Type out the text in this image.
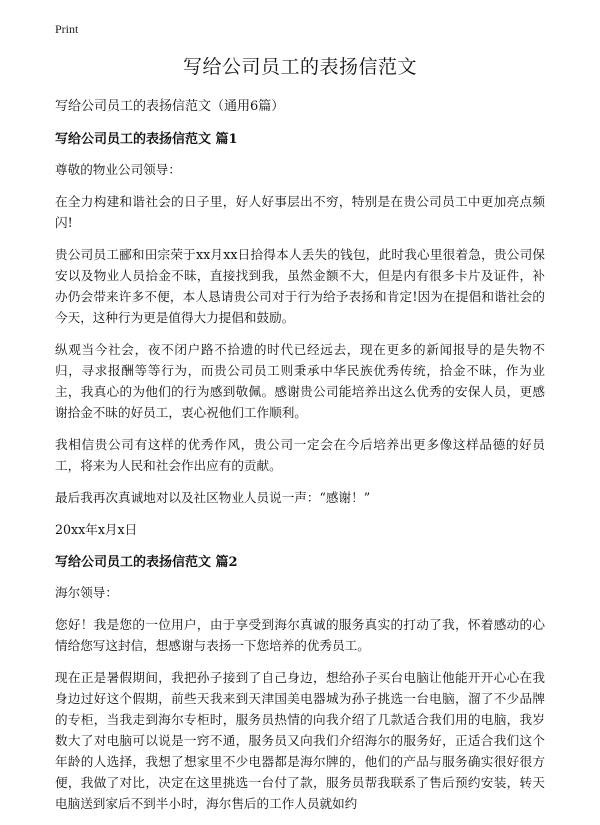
Print
写给公司员工的表扬信范文
写给公司员工的表扬信范文（通用6篇）
写给公司员工的表扬信范文 篇1

尊敬的物业公司领导：

在全力构建和谐社会的日子里，好人好事层出不穷，特别是在贵公司员工中更加亮点频闪!

贵公司员工郦和田宗荣于xx月xx日拾得本人丢失的钱包，此时我心里很着急，贵公司保安以及物业人员拾金不昧，直接找到我，虽然金额不大，但是内有很多卡片及证件，补办仍会带来许多不便，本人恳请贵公司对于行为给予表扬和肯定!因为在提倡和谐社会的今天，这种行为更是值得大力提倡和鼓励。

纵观当今社会，夜不闭户路不拾遗的时代已经远去，现在更多的新闻报导的是失物不归，寻求报酬等等行为，而贵公司员工则秉承中华民族优秀传统，拾金不昧，作为业主，我真心的为他们的行为感到敬佩。感谢贵公司能培养出这么优秀的安保人员，更感谢拾金不昧的好员工，衷心祝他们工作顺利。

我相信贵公司有这样的优秀作风，贵公司一定会在今后培养出更多像这样品德的好员工，将来为人民和社会作出应有的贡献。

最后我再次真诚地对以及社区物业人员说一声：“感谢！”

20xx年x月x日

写给公司员工的表扬信范文 篇2

海尔领导：

您好！我是您的一位用户，由于享受到海尔真诚的服务真实的打动了我，怀着感动的心情给您写这封信，想感谢与表扬一下您培养的优秀员工。

现在正是暑假期间，我把孙子接到了自己身边，想给孙子买台电脑让他能开开心心在我身边过好这个假期，前些天我来到天津国美电器城为孙子挑选一台电脑，溜了不少品牌的专柜，当我走到海尔专柜时，服务员热情的向我介绍了几款适合我们用的电脑，我岁数大了对电脑可以说是一窍不通，服务员又向我们介绍海尔的服务好，正适合我们这个年龄的人选择，我想了想家里不少电器都是海尔牌的，他们的产品与服务确实很好很方便，我做了对比，决定在这里挑选一台付了款，服务员帮我联系了售后预约安装，转天电脑送到家后不到半小时，海尔售后的工作人员就如约
